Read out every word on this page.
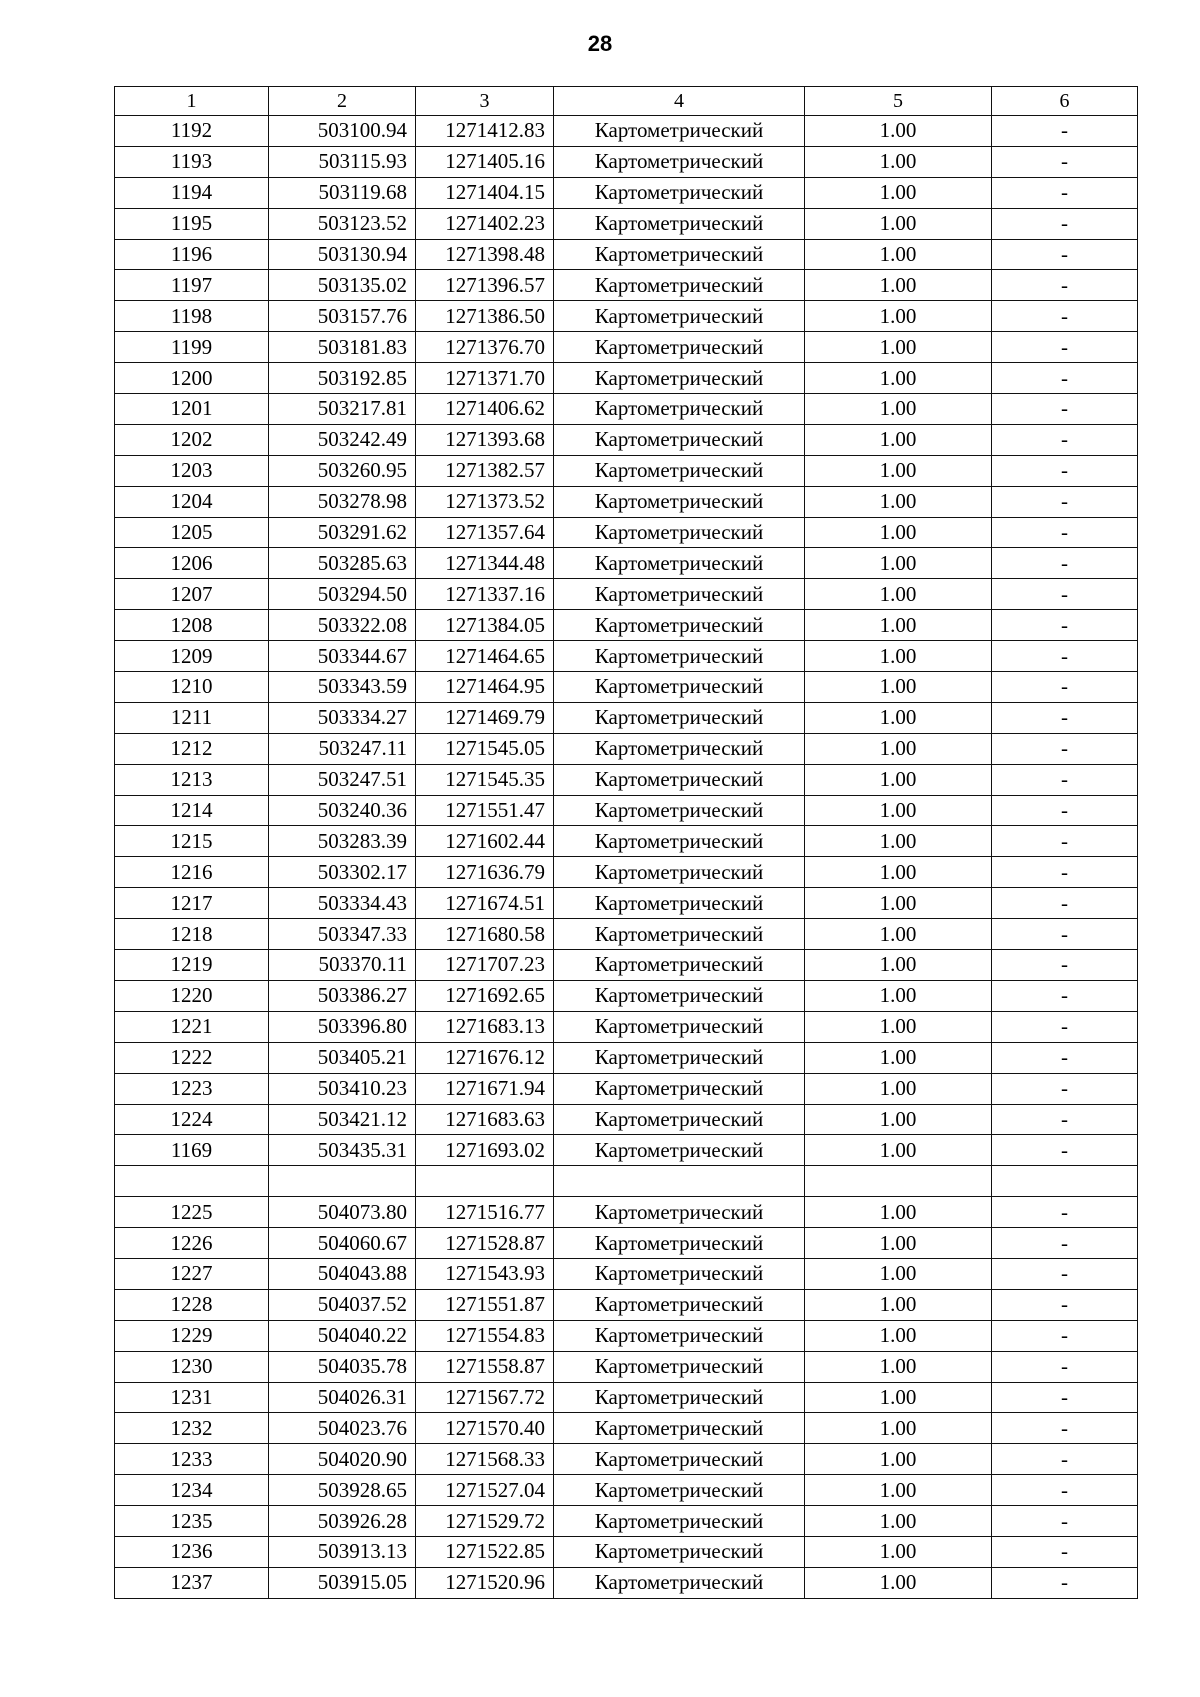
28
1	2	3	4	5	6
1192	503100.94	1271412.83	Картометрический	1.00	-
1193	503115.93	1271405.16	Картометрический	1.00	-
1194	503119.68	1271404.15	Картометрический	1.00	-
1195	503123.52	1271402.23	Картометрический	1.00	-
1196	503130.94	1271398.48	Картометрический	1.00	-
1197	503135.02	1271396.57	Картометрический	1.00	-
1198	503157.76	1271386.50	Картометрический	1.00	-
1199	503181.83	1271376.70	Картометрический	1.00	-
1200	503192.85	1271371.70	Картометрический	1.00	-
1201	503217.81	1271406.62	Картометрический	1.00	-
1202	503242.49	1271393.68	Картометрический	1.00	-
1203	503260.95	1271382.57	Картометрический	1.00	-
1204	503278.98	1271373.52	Картометрический	1.00	-
1205	503291.62	1271357.64	Картометрический	1.00	-
1206	503285.63	1271344.48	Картометрический	1.00	-
1207	503294.50	1271337.16	Картометрический	1.00	-
1208	503322.08	1271384.05	Картометрический	1.00	-
1209	503344.67	1271464.65	Картометрический	1.00	-
1210	503343.59	1271464.95	Картометрический	1.00	-
1211	503334.27	1271469.79	Картометрический	1.00	-
1212	503247.11	1271545.05	Картометрический	1.00	-
1213	503247.51	1271545.35	Картометрический	1.00	-
1214	503240.36	1271551.47	Картометрический	1.00	-
1215	503283.39	1271602.44	Картометрический	1.00	-
1216	503302.17	1271636.79	Картометрический	1.00	-
1217	503334.43	1271674.51	Картометрический	1.00	-
1218	503347.33	1271680.58	Картометрический	1.00	-
1219	503370.11	1271707.23	Картометрический	1.00	-
1220	503386.27	1271692.65	Картометрический	1.00	-
1221	503396.80	1271683.13	Картометрический	1.00	-
1222	503405.21	1271676.12	Картометрический	1.00	-
1223	503410.23	1271671.94	Картометрический	1.00	-
1224	503421.12	1271683.63	Картометрический	1.00	-
1169	503435.31	1271693.02	Картометрический	1.00	-

1225	504073.80	1271516.77	Картометрический	1.00	-
1226	504060.67	1271528.87	Картометрический	1.00	-
1227	504043.88	1271543.93	Картометрический	1.00	-
1228	504037.52	1271551.87	Картометрический	1.00	-
1229	504040.22	1271554.83	Картометрический	1.00	-
1230	504035.78	1271558.87	Картометрический	1.00	-
1231	504026.31	1271567.72	Картометрический	1.00	-
1232	504023.76	1271570.40	Картометрический	1.00	-
1233	504020.90	1271568.33	Картометрический	1.00	-
1234	503928.65	1271527.04	Картометрический	1.00	-
1235	503926.28	1271529.72	Картометрический	1.00	-
1236	503913.13	1271522.85	Картометрический	1.00	-
1237	503915.05	1271520.96	Картометрический	1.00	-
